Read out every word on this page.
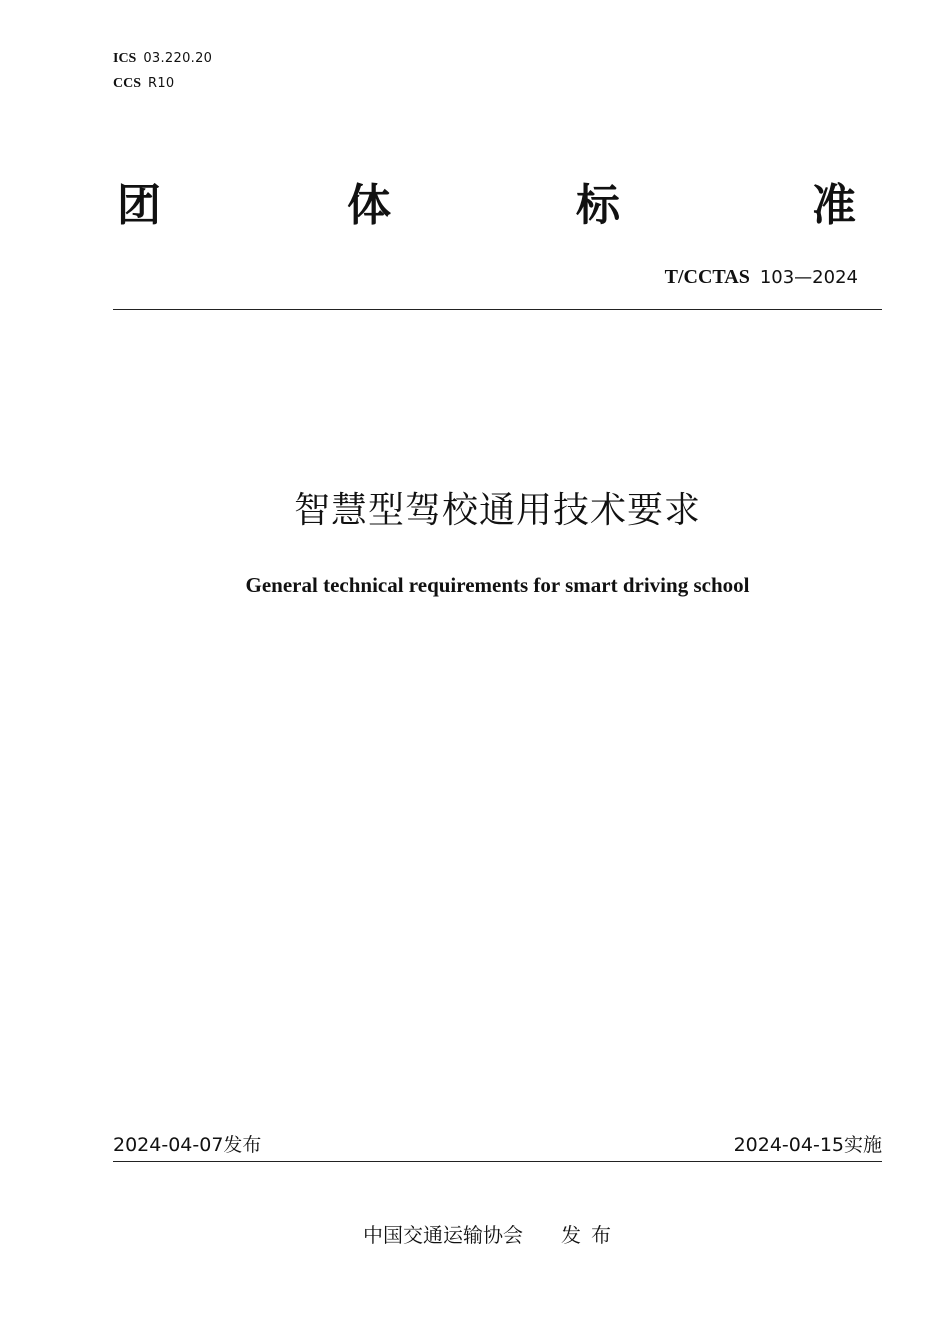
ICS 03.220.20
CCS R10
团	体	标	准
T/CCTAS 103—2024
智慧型驾校通用技术要求
General technical requirements for smart driving school
2024-04-07发布	2024-04-15实施
中国交通运输协会 发布
